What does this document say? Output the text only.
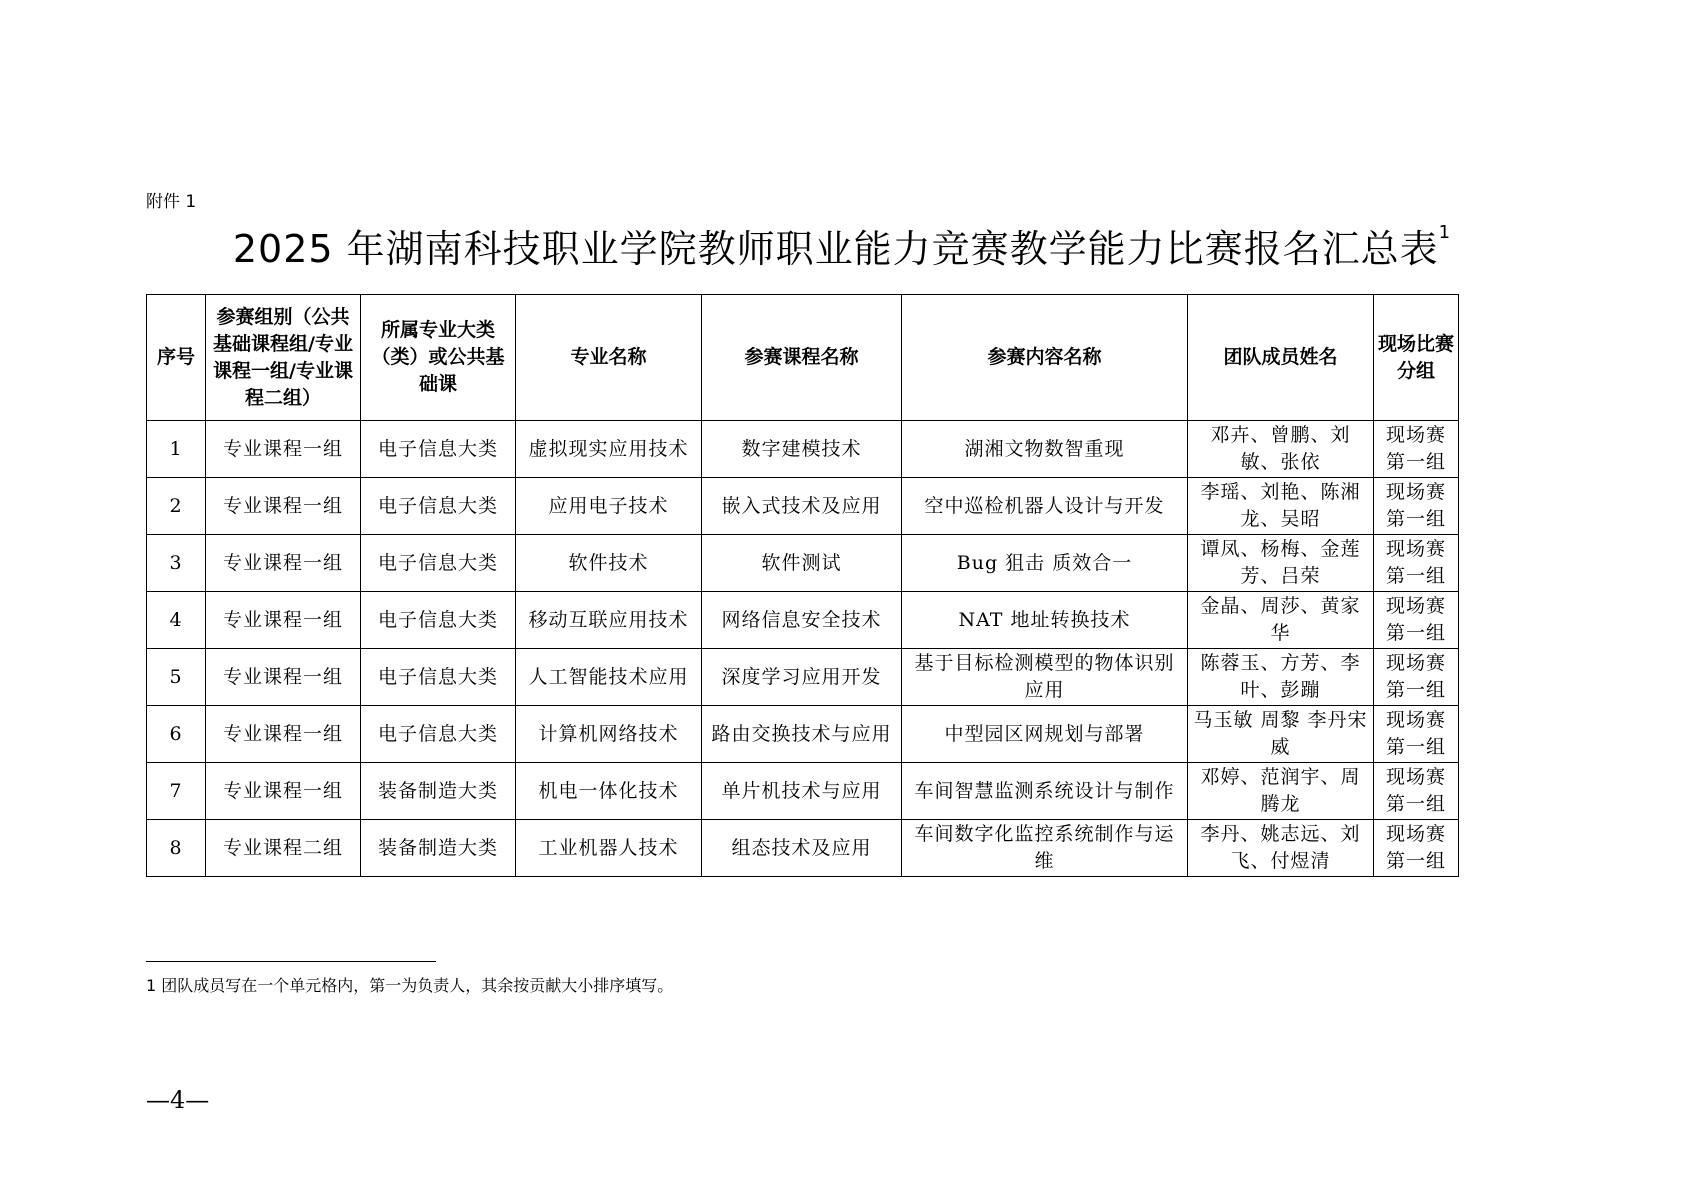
附件 1
2025 年湖南科技职业学院教师职业能力竞赛教学能力比赛报名汇总表$^1$
序号	参赛组别（公共基础课程组/专业课程一组/专业课程二组）	所属专业大类（类）或公共基础课	专业名称	参赛课程名称	参赛内容名称	团队成员姓名	现场比赛分组
1	专业课程一组	电子信息大类	虚拟现实应用技术	数字建模技术	湖湘文物数智重现	邓卉、曾鹏、刘敏、张依	现场赛第一组
2	专业课程一组	电子信息大类	应用电子技术	嵌入式技术及应用	空中巡检机器人设计与开发	李瑶、刘艳、陈湘龙、吴昭	现场赛第一组
3	专业课程一组	电子信息大类	软件技术	软件测试	Bug 狙击 质效合一	谭凤、杨梅、金莲芳、吕荣	现场赛第一组
4	专业课程一组	电子信息大类	移动互联应用技术	网络信息安全技术	NAT 地址转换技术	金晶、周莎、黄家华	现场赛第一组
5	专业课程一组	电子信息大类	人工智能技术应用	深度学习应用开发	基于目标检测模型的物体识别应用	陈蓉玉、方芳、李叶、彭蹦	现场赛第一组
6	专业课程一组	电子信息大类	计算机网络技术	路由交换技术与应用	中型园区网规划与部署	马玉敏 周黎 李丹宋威	现场赛第一组
7	专业课程一组	装备制造大类	机电一体化技术	单片机技术与应用	车间智慧监测系统设计与制作	邓婷、范润宇、周腾龙	现场赛第一组
8	专业课程二组	装备制造大类	工业机器人技术	组态技术及应用	车间数字化监控系统制作与运维	李丹、姚志远、刘飞、付煜清	现场赛第一组
1 团队成员写在一个单元格内，第一为负责人，其余按贡献大小排序填写。
—4—
